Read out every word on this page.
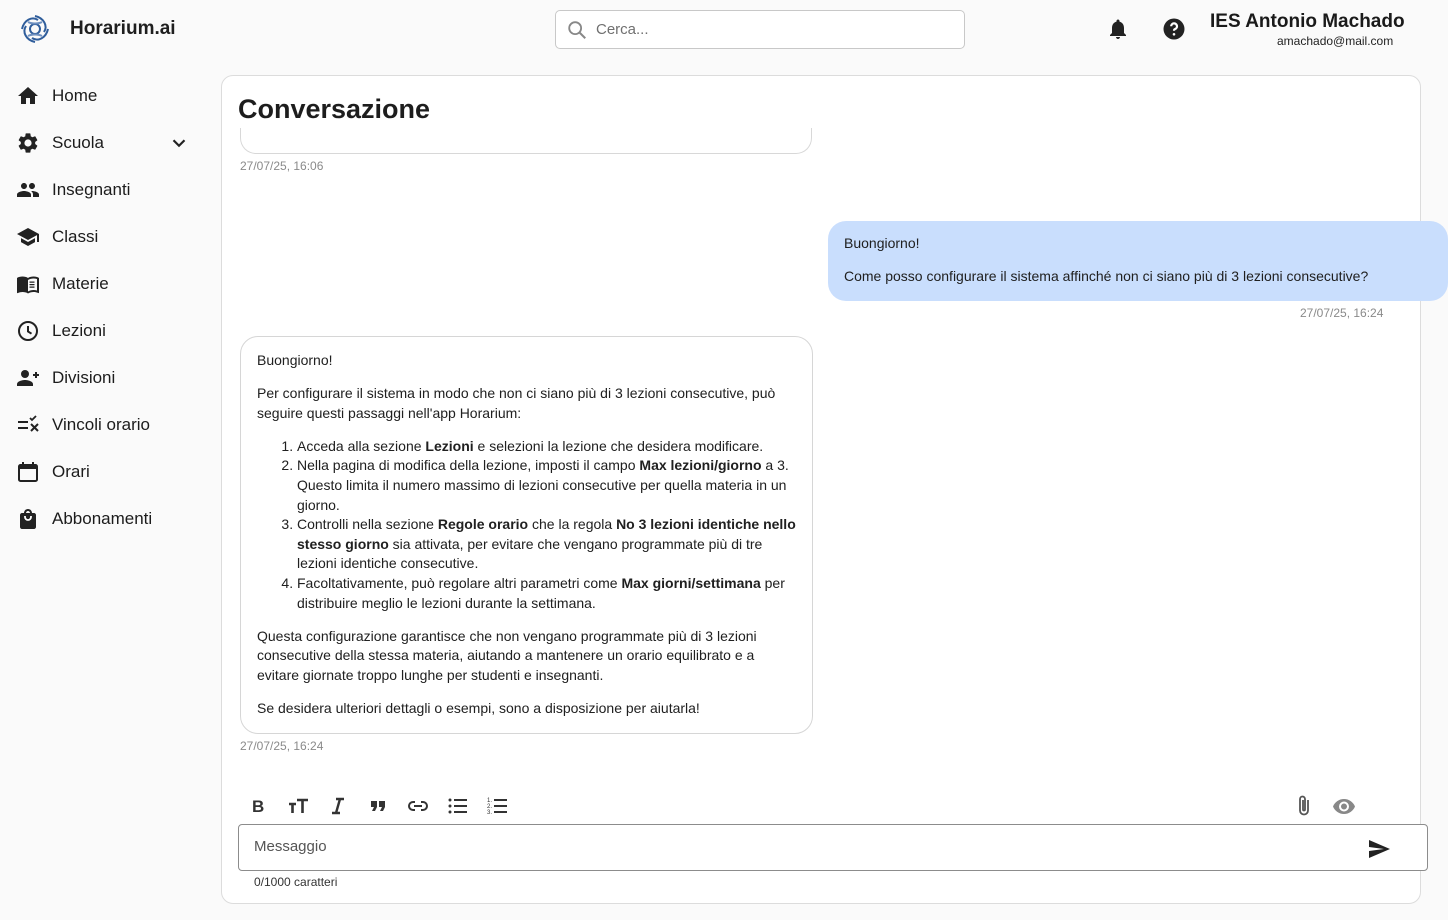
Horarium.ai
Cerca...	IES Antonio Machado
amachado@mail.com
Home
Scuola
Insegnanti
Classi
Materie
Lezioni
Divisioni
Vincoli orario
Orari
Abbonamenti
Conversazione
27/07/25, 16:06

Buongiorno!

Come posso configurare il sistema affinché non ci siano più di 3 lezioni consecutive?

27/07/25, 16:24

Buongiorno!

Per configurare il sistema in modo che non ci siano più di 3 lezioni consecutive, può seguire questi passaggi nell'app Horarium:

1. Acceda alla sezione Lezioni e selezioni la lezione che desidera modificare.
2. Nella pagina di modifica della lezione, imposti il campo Max lezioni/giorno a 3. Questo limita il numero massimo di lezioni consecutive per quella materia in un giorno.
3. Controlli nella sezione Regole orario che la regola No 3 lezioni identiche nello stesso giorno sia attivata, per evitare che vengano programmate più di tre lezioni identiche consecutive.
4. Facoltativamente, può regolare altri parametri come Max giorni/settimana per distribuire meglio le lezioni durante la settimana.

Questa configurazione garantisce che non vengano programmate più di 3 lezioni consecutive della stessa materia, aiutando a mantenere un orario equilibrato e a evitare giornate troppo lunghe per studenti e insegnanti.

Se desidera ulteriori dettagli o esempi, sono a disposizione per aiutarla!

27/07/25, 16:24
B	1.
2.
3.
Messaggio
0/1000 caratteri
